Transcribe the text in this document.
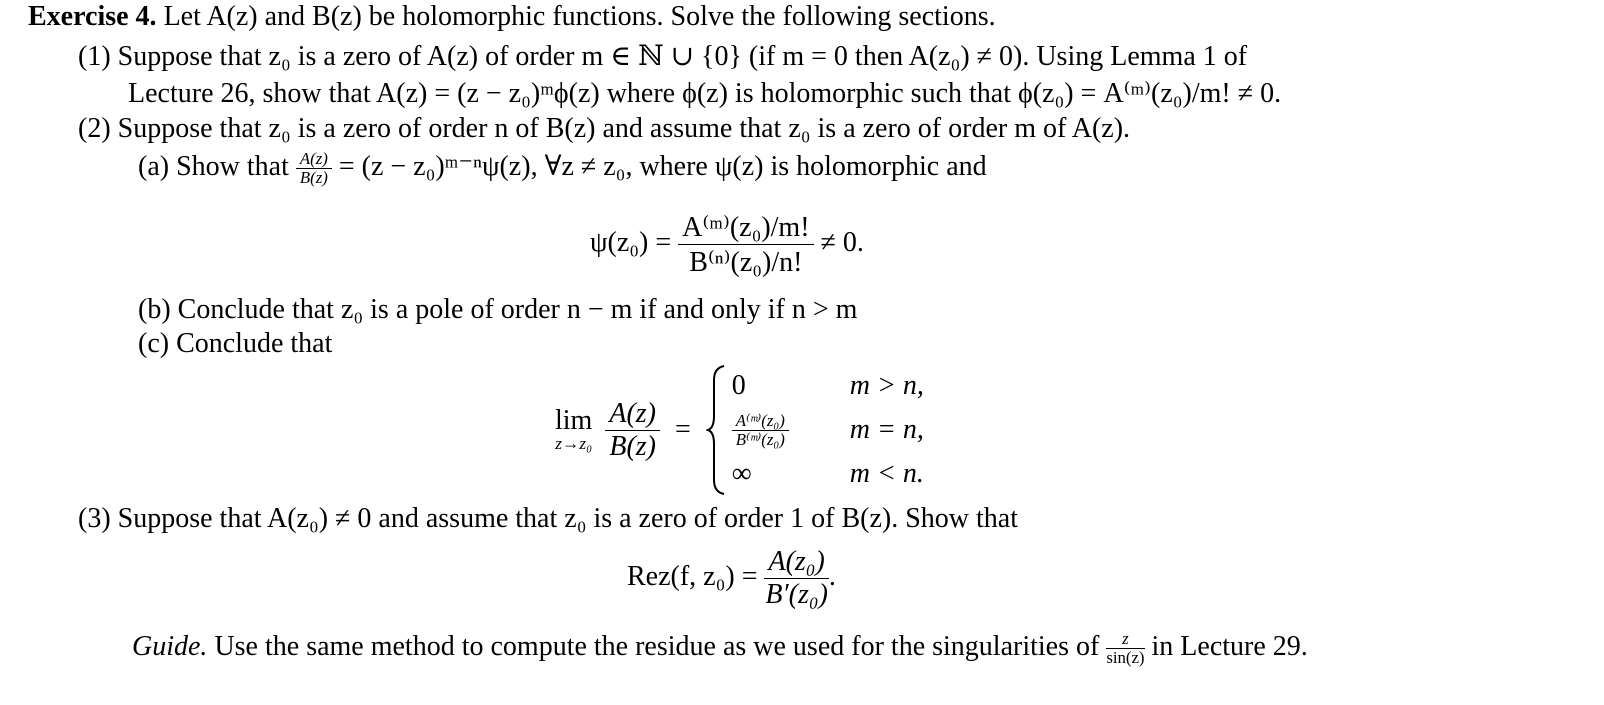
Exercise 4. Let A(z) and B(z) be holomorphic functions. Solve the following sections.
(1) Suppose that z₀ is a zero of A(z) of order m ∈ ℕ ∪ {0} (if m = 0 then A(z₀) ≠ 0). Using Lemma 1 of
Lecture 26, show that A(z) = (z − z₀)ᵐϕ(z) where ϕ(z) is holomorphic such that ϕ(z₀) = A⁽ᵐ⁾(z₀)/m! ≠ 0.
(2) Suppose that z₀ is a zero of order n of B(z) and assume that z₀ is a zero of order m of A(z).
(a) Show that $\frac{A(z)}{B(z)} = (z$ − z₀)ᵐ⁻ⁿψ(z), ∀z ≠ z₀, where ψ(z) is holomorphic and
$\psi(z_0) = \frac{\text{A⁽ᵐ⁾(z₀)/m!}}{\text{B⁽ⁿ⁾(z₀)/n!}} \ne 0$.
(b) Conclude that z₀ is a pole of order n − m if and only if n > m
(c) Conclude that
lim
z→z₀
$\frac{A(z)}{B(z)}$ =
0	m > n,
$\frac{\text{A⁽ᵐ⁾(z₀)}}{\text{B⁽ᵐ⁾(z₀)}}$ m = n,
∞	m < n.
(3) Suppose that A(z₀) ≠ 0 and assume that z₀ is a zero of order 1 of B(z). Show that
Rez(f, $z_0) = \frac{\text{A(z₀)}}{\text{B′(z₀)}}$ .
Guide. Use the same method to compute the residue as we used for the singularities of $\frac{z}{\sin(z)}$ in Lecture 29.
